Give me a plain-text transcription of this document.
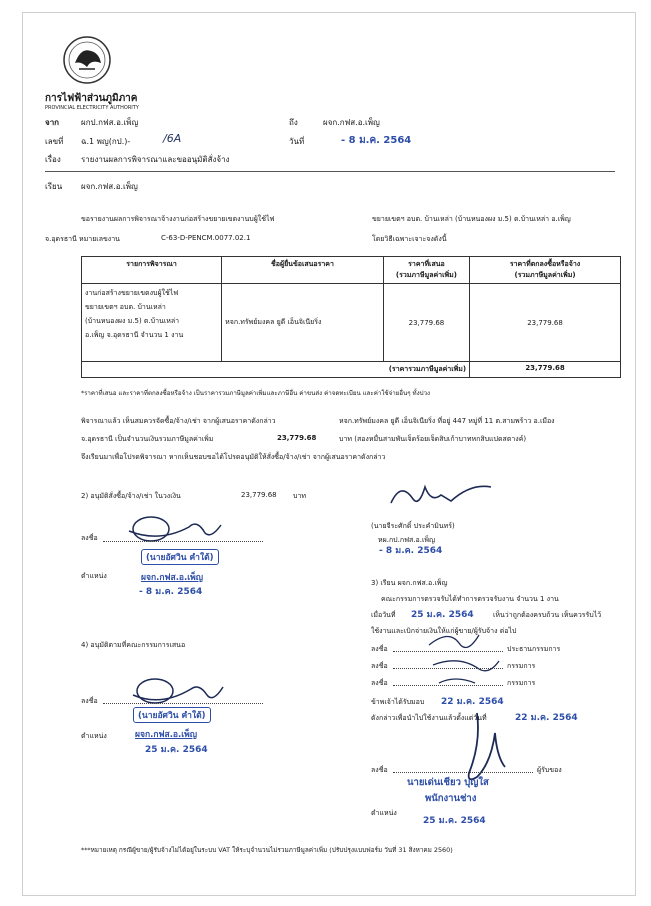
การไฟฟ้าส่วนภูมิภาค
PROVINCIAL ELECTRICITY AUTHORITY
จาก	ผกป.กฟส.อ.เพ็ญ	ถึง	ผจก.กฟส.อ.เพ็ญ
เลขที่ ฉ.1 พญ(กป.)-	/6A	วันที่	- 8 ม.ค. 2564
เรื่อง	รายงานผลการพิจารณาและขออนุมัติสั่งจ้าง
เรียน ผจก.กฟส.อ.เพ็ญ
ขอรายงานผลการพิจารณาจ้างงานก่อสร้างขยายเขตงานบผู้ใช้ไฟ	ขยายเขตฯ อบต. บ้านเหล่า (บ้านหนองผง ม.5) ต.บ้านเหล่า อ.เพ็ญ
จ.อุดรธานี หมายเลขงาน	C-63-D-PENCM.0077.02.1	โดยวิธีเฉพาะเจาะจงดังนี้
รายการพิจารณา	ชื่อผู้ยื่นข้อเสนอราคา	ราคาที่เสนอ
(รวมภาษีมูลค่าเพิ่ม)	ราคาที่ตกลงซื้อหรือจ้าง
(รวมภาษีมูลค่าเพิ่ม)

งานก่อสร้างขยายเขตงบผู้ใช้ไฟ
ขยายเขตฯ อบต. บ้านเหล่า
(บ้านหนองผง ม.5) ต.บ้านเหล่า
อ.เพ็ญ จ.อุดรธานี จำนวน 1 งาน	หจก.ทรัพย์มงคล ยูดี เอ็นจิเนียริ่ง	23,779.68	23,779.68
(ราคารวมภาษีมูลค่าเพิ่ม)			23,779.68
*ราคาที่เสนอ และราคาที่ตกลงซื้อหรือจ้าง เป็นราคารวมภาษีมูลค่าเพิ่มและภาษีอื่น ค่าขนส่ง ค่าจดทะเบียน และค่าใช้จ่ายอื่นๆ ทั้งปวง
พิจารณาแล้ว เห็นสมควรจัดซื้อ/จ้าง/เช่า จากผู้เสนอราคาดังกล่าว	หจก.ทรัพย์มงคล ยูดี เอ็นจิเนียริ่ง ที่อยู่ 447 หมู่ที่ 11 ต.สามพร้าว อ.เมือง
จ.อุดรธานี เป็นจำนวนเงินรวมภาษีมูลค่าเพิ่ม	23,779.68	บาท (สองหมื่นสามพันเจ็ดร้อยเจ็ดสิบเก้าบาทหกสิบแปดสตางค์)
จึงเรียนมาเพื่อโปรดพิจารณา หากเห็นชอบขอได้โปรดอนุมัติให้สั่งซื้อ/จ้าง/เช่า จากผู้เสนอราคาดังกล่าว
2) อนุมัติสั่งซื้อ/จ้าง/เช่า ในวงเงิน	23,779.68 บาท
(นายจีระศักดิ์ ประคำมินทร์)
หผ.กป.กฟส.อ.เพ็ญ
- 8 ม.ค. 2564
ลงชื่อ
(นายอัศวิน คำใต้)
ตำแหน่ง	ผจก.กฟส.อ.เพ็ญ
- 8 ม.ค. 2564
3) เรียน ผจก.กฟส.อ.เพ็ญ
คณะกรรมการตรวจรับได้ทำการตรวจรับงาน จำนวน 1 งาน
เมื่อวันที่ 25 ม.ค. 2564	เห็นว่าถูกต้องครบถ้วน เห็นควรรับไว้
ใช้งานและเบิกจ่ายเงินให้แก่ผู้ขาย/ผู้รับจ้าง ต่อไป
ลงชื่อ	ประธานกรรมการ
ลงชื่อ	กรรมการ
ลงชื่อ	กรรมการ
ข้าพเจ้าได้รับมอบ 22 ม.ค. 2564
ดังกล่าวเพื่อนำไปใช้งานแล้วตั้งแต่วันที่	22 ม.ค. 2564
4) อนุมัติตามที่คณะกรรมการเสนอ
ลงชื่อ
(นายอัศวิน คำใต้)
ตำแหน่ง	ผจก.กฟส.อ.เพ็ญ
25 ม.ค. 2564
ลงชื่อ	ผู้รับของ
นายเด่นเชียว บุญใส
พนักงานช่าง
ตำแหน่ง
25 ม.ค. 2564
***หมายเหตุ กรณีผู้ขาย/ผู้รับจ้างไม่ได้อยู่ในระบบ VAT ให้ระบุจำนวนไม่รวมภาษีมูลค่าเพิ่ม (ปรับปรุงแบบฟอร์ม วันที่ 31 สิงหาคม 2560)
